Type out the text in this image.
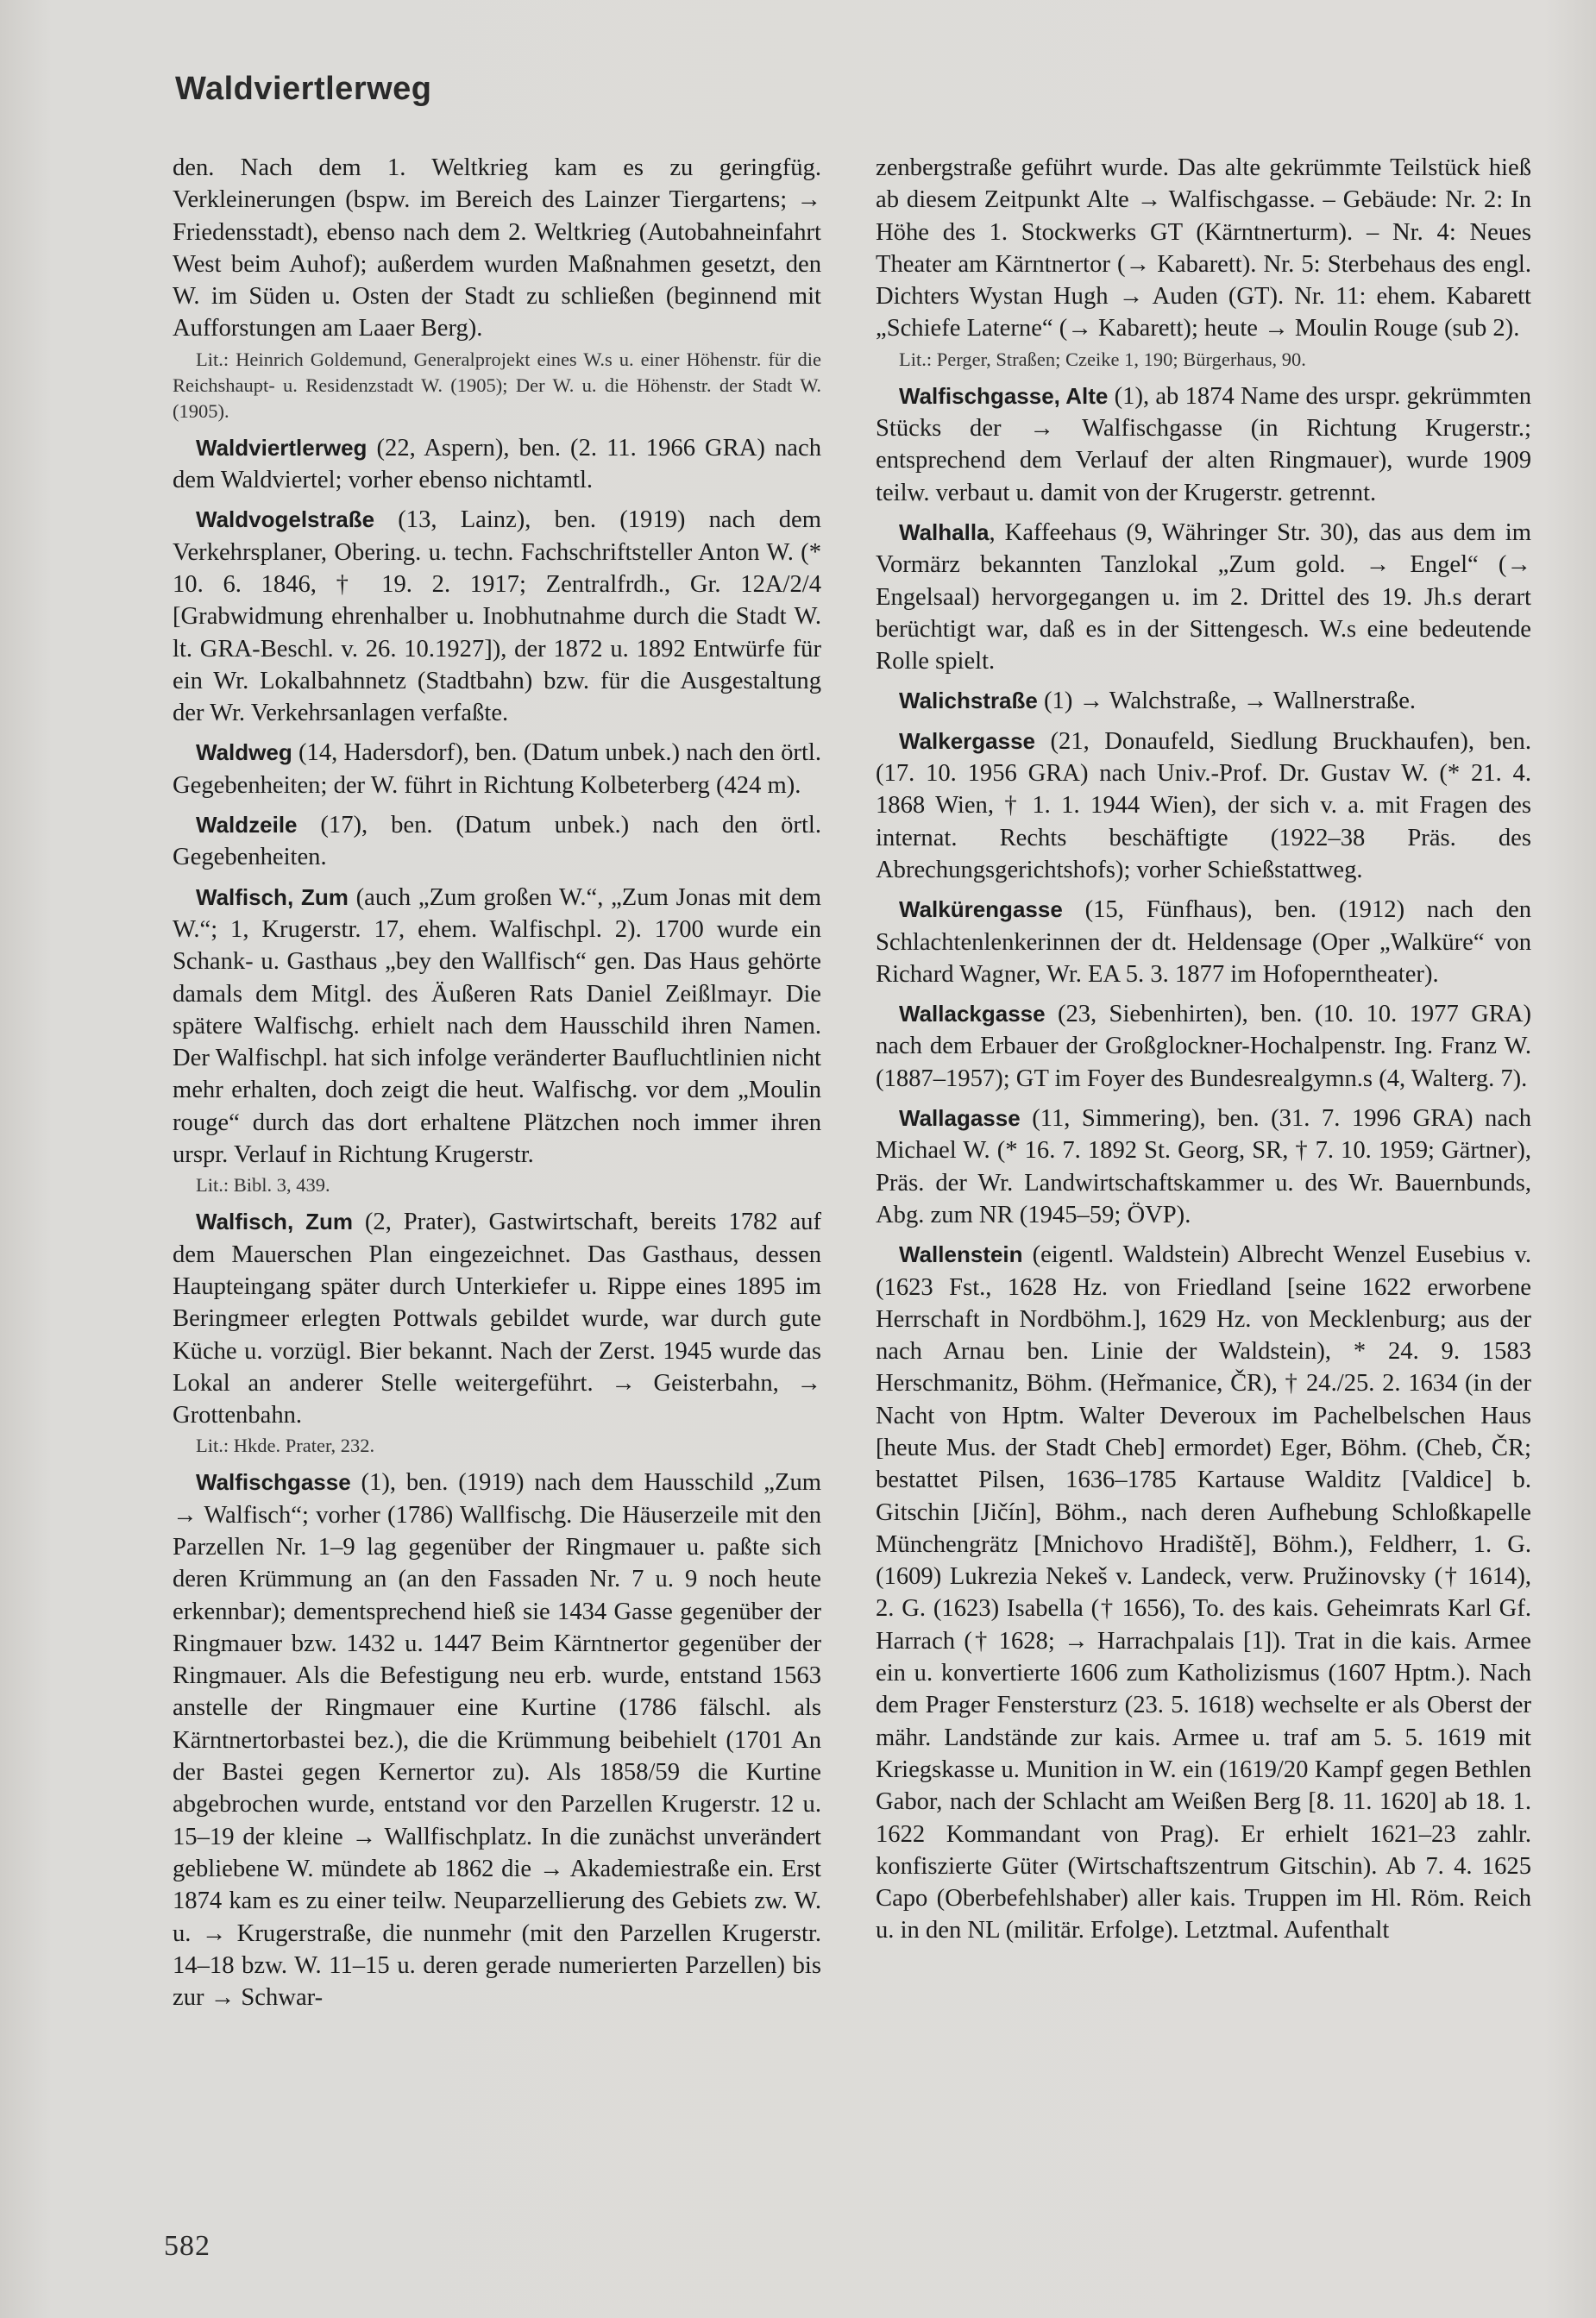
Waldviertlerweg

den. Nach dem 1. Weltkrieg kam es zu geringfüg. Verkleinerungen (bspw. im Bereich des Lainzer Tiergartens; → Friedensstadt), ebenso nach dem 2. Weltkrieg (Autobahneinfahrt West beim Auhof); außerdem wurden Maßnahmen gesetzt, den W. im Süden u. Osten der Stadt zu schließen (beginnend mit Aufforstungen am Laaer Berg).

Lit.: Heinrich Goldemund, Generalprojekt eines W.s u. einer Höhenstr. für die Reichshaupt- u. Residenzstadt W. (1905); Der W. u. die Höhenstr. der Stadt W. (1905).

Waldviertlerweg (22, Aspern), ben. (2. 11. 1966 GRA) nach dem Waldviertel; vorher ebenso nichtamtl.

Waldvogelstraße (13, Lainz), ben. (1919) nach dem Verkehrsplaner, Obering. u. techn. Fachschriftsteller Anton W. (* 10. 6. 1846, † 19. 2. 1917; Zentralfrdh., Gr. 12A/2/4 [Grabwidmung ehrenhalber u. Inobhutnahme durch die Stadt W. lt. GRA-Beschl. v. 26. 10.1927]), der 1872 u. 1892 Entwürfe für ein Wr. Lokalbahnnetz (Stadtbahn) bzw. für die Ausgestaltung der Wr. Verkehrsanlagen verfaßte.

Waldweg (14, Hadersdorf), ben. (Datum unbek.) nach den örtl. Gegebenheiten; der W. führt in Richtung Kolbeterberg (424 m).

Waldzeile (17), ben. (Datum unbek.) nach den örtl. Gegebenheiten.

Walfisch, Zum (auch „Zum großen W.“, „Zum Jonas mit dem W.“; 1, Krugerstr. 17, ehem. Walfischpl. 2). 1700 wurde ein Schank- u. Gasthaus „bey den Wallfisch“ gen. Das Haus gehörte damals dem Mitgl. des Äußeren Rats Daniel Zeißlmayr. Die spätere Walfischg. erhielt nach dem Hausschild ihren Namen. Der Walfischpl. hat sich infolge veränderter Baufluchtlinien nicht mehr erhalten, doch zeigt die heut. Walfischg. vor dem „Moulin rouge“ durch das dort erhaltene Plätzchen noch immer ihren urspr. Verlauf in Richtung Krugerstr.

Lit.: Bibl. 3, 439.

Walfisch, Zum (2, Prater), Gastwirtschaft, bereits 1782 auf dem Mauerschen Plan eingezeichnet. Das Gasthaus, dessen Haupteingang später durch Unterkiefer u. Rippe eines 1895 im Beringmeer erlegten Pottwals gebildet wurde, war durch gute Küche u. vorzügl. Bier bekannt. Nach der Zerst. 1945 wurde das Lokal an anderer Stelle weitergeführt. → Geisterbahn, → Grottenbahn.

Lit.: Hkde. Prater, 232.

Walfischgasse (1), ben. (1919) nach dem Hausschild „Zum → Walfisch“; vorher (1786) Wallfischg. Die Häuserzeile mit den Parzellen Nr. 1–9 lag gegenüber der Ringmauer u. paßte sich deren Krümmung an (an den Fassaden Nr. 7 u. 9 noch heute erkennbar); dementsprechend hieß sie 1434 Gasse gegenüber der Ringmauer bzw. 1432 u. 1447 Beim Kärntnertor gegenüber der Ringmauer. Als die Befestigung neu erb. wurde, entstand 1563 anstelle der Ringmauer eine Kurtine (1786 fälschl. als Kärntnertorbastei bez.), die die Krümmung beibehielt (1701 An der Bastei gegen Kernertor zu). Als 1858/59 die Kurtine abgebrochen wurde, entstand vor den Parzellen Krugerstr. 12 u. 15–19 der kleine → Wallfischplatz. In die zunächst unverändert gebliebene W. mündete ab 1862 die → Akademiestraße ein. Erst 1874 kam es zu einer teilw. Neuparzellierung des Gebiets zw. W. u. → Krugerstraße, die nunmehr (mit den Parzellen Krugerstr. 14–18 bzw. W. 11–15 u. deren gerade numerierten Parzellen) bis zur → Schwar-

zenbergstraße geführt wurde. Das alte gekrümmte Teilstück hieß ab diesem Zeitpunkt Alte → Walfischgasse. – Gebäude: Nr. 2: In Höhe des 1. Stockwerks GT (Kärntnerturm). – Nr. 4: Neues Theater am Kärntnertor (→ Kabarett). Nr. 5: Sterbehaus des engl. Dichters Wystan Hugh → Auden (GT). Nr. 11: ehem. Kabarett „Schiefe Laterne“ (→ Kabarett); heute → Moulin Rouge (sub 2).

Lit.: Perger, Straßen; Czeike 1, 190; Bürgerhaus, 90.

Walfischgasse, Alte (1), ab 1874 Name des urspr. gekrümmten Stücks der → Walfischgasse (in Richtung Krugerstr.; entsprechend dem Verlauf der alten Ringmauer), wurde 1909 teilw. verbaut u. damit von der Krugerstr. getrennt.

Walhalla, Kaffeehaus (9, Währinger Str. 30), das aus dem im Vormärz bekannten Tanzlokal „Zum gold. → Engel“ (→ Engelsaal) hervorgegangen u. im 2. Drittel des 19. Jh.s derart berüchtigt war, daß es in der Sittengesch. W.s eine bedeutende Rolle spielt.

Walichstraße (1) → Walchstraße, → Wallnerstraße.

Walkergasse (21, Donaufeld, Siedlung Bruckhaufen), ben. (17. 10. 1956 GRA) nach Univ.-Prof. Dr. Gustav W. (* 21. 4. 1868 Wien, † 1. 1. 1944 Wien), der sich v. a. mit Fragen des internat. Rechts beschäftigte (1922–38 Präs. des Abrechungsgerichtshofs); vorher Schießstattweg.

Walkürengasse (15, Fünfhaus), ben. (1912) nach den Schlachtenlenkerinnen der dt. Heldensage (Oper „Walküre“ von Richard Wagner, Wr. EA 5. 3. 1877 im Hofoperntheater).

Wallackgasse (23, Siebenhirten), ben. (10. 10. 1977 GRA) nach dem Erbauer der Großglockner-Hochalpenstr. Ing. Franz W. (1887–1957); GT im Foyer des Bundesrealgymn.s (4, Walterg. 7).

Wallagasse (11, Simmering), ben. (31. 7. 1996 GRA) nach Michael W. (* 16. 7. 1892 St. Georg, SR, † 7. 10. 1959; Gärtner), Präs. der Wr. Landwirtschaftskammer u. des Wr. Bauernbunds, Abg. zum NR (1945–59; ÖVP).

Wallenstein (eigentl. Waldstein) Albrecht Wenzel Eusebius v. (1623 Fst., 1628 Hz. von Friedland [seine 1622 erworbene Herrschaft in Nordböhm.], 1629 Hz. von Mecklenburg; aus der nach Arnau ben. Linie der Waldstein), * 24. 9. 1583 Herschmanitz, Böhm. (Heřmanice, ČR), † 24./25. 2. 1634 (in der Nacht von Hptm. Walter Deveroux im Pachelbelschen Haus [heute Mus. der Stadt Cheb] ermordet) Eger, Böhm. (Cheb, ČR; bestattet Pilsen, 1636–1785 Kartause Walditz [Valdice] b. Gitschin [Jičín], Böhm., nach deren Aufhebung Schloßkapelle Münchengrätz [Mnichovo Hradiště], Böhm.), Feldherr, 1. G. (1609) Lukrezia Nekeš v. Landeck, verw. Pružinovsky († 1614), 2. G. (1623) Isabella († 1656), To. des kais. Geheimrats Karl Gf. Harrach († 1628; → Harrachpalais [1]). Trat in die kais. Armee ein u. konvertierte 1606 zum Katholizismus (1607 Hptm.). Nach dem Prager Fenstersturz (23. 5. 1618) wechselte er als Oberst der mähr. Landstände zur kais. Armee u. traf am 5. 5. 1619 mit Kriegskasse u. Munition in W. ein (1619/20 Kampf gegen Bethlen Gabor, nach der Schlacht am Weißen Berg [8. 11. 1620] ab 18. 1. 1622 Kommandant von Prag). Er erhielt 1621–23 zahlr. konfiszierte Güter (Wirtschaftszentrum Gitschin). Ab 7. 4. 1625 Capo (Oberbefehlshaber) aller kais. Truppen im Hl. Röm. Reich u. in den NL (militär. Erfolge). Letztmal. Aufenthalt

582
